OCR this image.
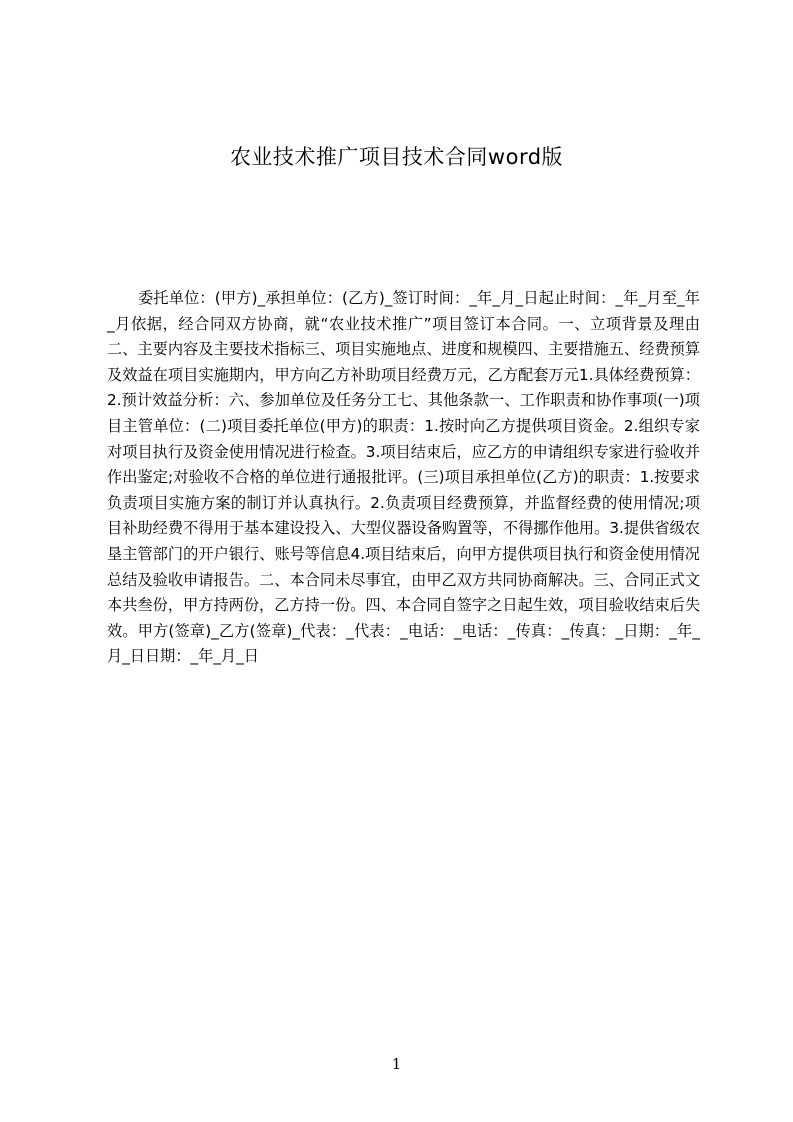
农业技术推广项目技术合同word版
委托单位：(甲方)_承担单位：(乙方)_签订时间：_年_月_日起止时间：_年_月至_年_月依据，经合同双方协商，就“农业技术推广”项目签订本合同。一、立项背景及理由二、主要内容及主要技术指标三、项目实施地点、进度和规模四、主要措施五、经费预算及效益在项目实施期内，甲方向乙方补助项目经费万元，乙方配套万元1.具体经费预算：2.预计效益分析：六、参加单位及任务分工七、其他条款一、工作职责和协作事项(一)项目主管单位：(二)项目委托单位(甲方)的职责：1.按时向乙方提供项目资金。2.组织专家对项目执行及资金使用情况进行检查。3.项目结束后，应乙方的申请组织专家进行验收并作出鉴定;对验收不合格的单位进行通报批评。(三)项目承担单位(乙方)的职责：1.按要求负责项目实施方案的制订并认真执行。2.负责项目经费预算，并监督经费的使用情况;项目补助经费不得用于基本建设投入、大型仪器设备购置等，不得挪作他用。3.提供省级农垦主管部门的开户银行、账号等信息4.项目结束后，向甲方提供项目执行和资金使用情况总结及验收申请报告。二、本合同未尽事宜，由甲乙双方共同协商解决。三、合同正式文本共叁份，甲方持两份，乙方持一份。四、本合同自签字之日起生效，项目验收结束后失效。甲方(签章)_乙方(签章)_代表：_代表：_电话：_电话：_传真：_传真：_日期：_年_月_日日期：_年_月_日
1
